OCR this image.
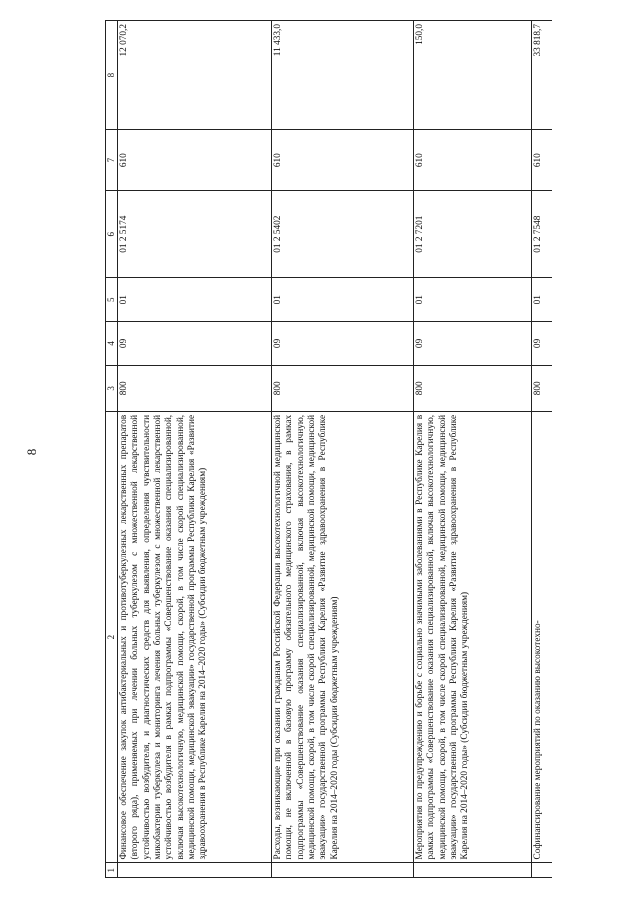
8
1	2	3	4	5	6	7	8
	Финансовое обеспечение закупок антибактериальных и противотуберкулезных лекарственных препаратов (второго ряда), применяемых при лечении больных туберкулезом с множественной лекарственной устойчивостью возбудителя, и диагностических средств для выявления, определения чувствительности микобактерии туберкулеза и мониторинга лечения больных туберкулезом с множественной лекарственной устойчивостью возбудителя в рамках подпрограммы «Совершенствование оказания специализированной, включая высокотехнологичную, медицинской помощи, скорой, в том числе скорой специализированной, медицинской помощи, медицинской эвакуации» государственной программы Республики Карелия «Развитие здравоохранения в Республике Карелия на 2014–2020 годы» (Субсидии бюджетным учреждениям)	800	09	01	01 2 5174	610	12 070,2
	Расходы, возникающие при оказании гражданам Российской Федерации высокотехнологичной медицинской помощи, не включенной в базовую программу обязательного медицинского страхования, в рамках подпрограммы «Совершенствование оказания специализированной, включая высокотехнологичную, медицинской помощи, скорой, в том числе скорой специализированной, медицинской помощи, медицинской эвакуации» государственной программы Республики Карелия «Развитие здравоохранения в Республике Карелия на 2014–2020 годы (Субсидии бюджетным учреждениям)	800	09	01	01 2 5402	610	11 433,0
	Мероприятия по предупреждению и борьбе с социально значимыми заболеваниями в Республике Карелия в рамках подпрограммы «Совершенствование оказания специализированной, включая высокотехнологичную, медицинской помощи, скорой, в том числе скорой специализированной, медицинской помощи, медицинской эвакуации» государственной программы Республики Карелия «Развитие здравоохранения в Республике Карелия на 2014–2020 годы» (Субсидии бюджетным учреждениям)	800	09	01	01 2 7201	610	150,0
	Софинансирование мероприятий по оказанию высокотехно-	800	09	01	01 2 7548	610	33 818,7
